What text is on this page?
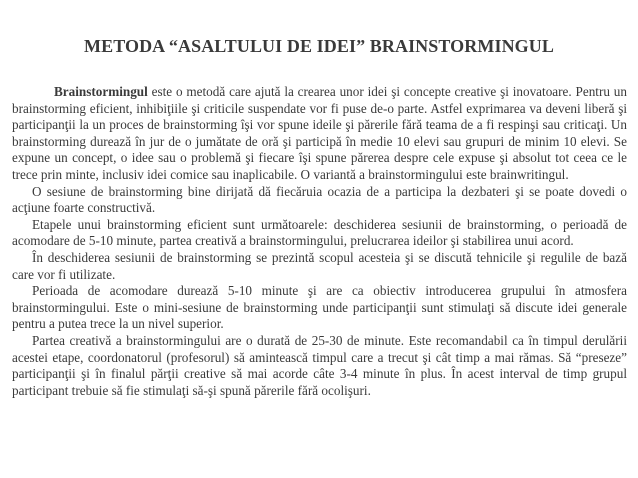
METODA “ASALTULUI DE IDEI” BRAINSTORMINGUL

Brainstormingul este o metodă care ajută la crearea unor idei şi concepte creative şi inovatoare. Pentru un brainstorming eficient, inhibiţiile şi criticile suspendate vor fi puse de-o parte. Astfel exprimarea va deveni liberă şi participanţii la un proces de brainstorming îşi vor spune ideile şi părerile fără teama de a fi respinşi sau criticaţi. Un brainstorming durează în jur de o jumătate de oră şi participă în medie 10 elevi sau grupuri de minim 10 elevi. Se expune un concept, o idee sau o problemă şi fiecare îşi spune părerea despre cele expuse şi absolut tot ceea ce le trece prin minte, inclusiv idei comice sau inaplicabile. O variantă a brainstormingului este brainwritingul.

O sesiune de brainstorming bine dirijată dă fiecăruia ocazia de a participa la dezbateri şi se poate dovedi o acţiune foarte constructivă.

Etapele unui brainstorming eficient sunt următoarele: deschiderea sesiunii de brainstorming, o perioadă de acomodare de 5-10 minute, partea creativă a brainstormingului, prelucrarea ideilor şi stabilirea unui acord.

În deschiderea sesiunii de brainstorming se prezintă scopul acesteia şi se discută tehnicile şi regulile de bază care vor fi utilizate.

Perioada de acomodare durează 5-10 minute şi are ca obiectiv introducerea grupului în atmosfera brainstormingului. Este o mini-sesiune de brainstorming unde participanţii sunt stimulaţi să discute idei generale pentru a putea trece la un nivel superior.

Partea creativă a brainstormingului are o durată de 25-30 de minute. Este recomandabil ca în timpul derulării acestei etape, coordonatorul (profesorul) să amintească timpul care a trecut şi cât timp a mai rămas. Să “preseze” participanţii şi în finalul părţii creative să mai acorde câte 3-4 minute în plus. În acest interval de timp grupul participant trebuie să fie stimulaţi să-şi spună părerile fără ocolişuri.
